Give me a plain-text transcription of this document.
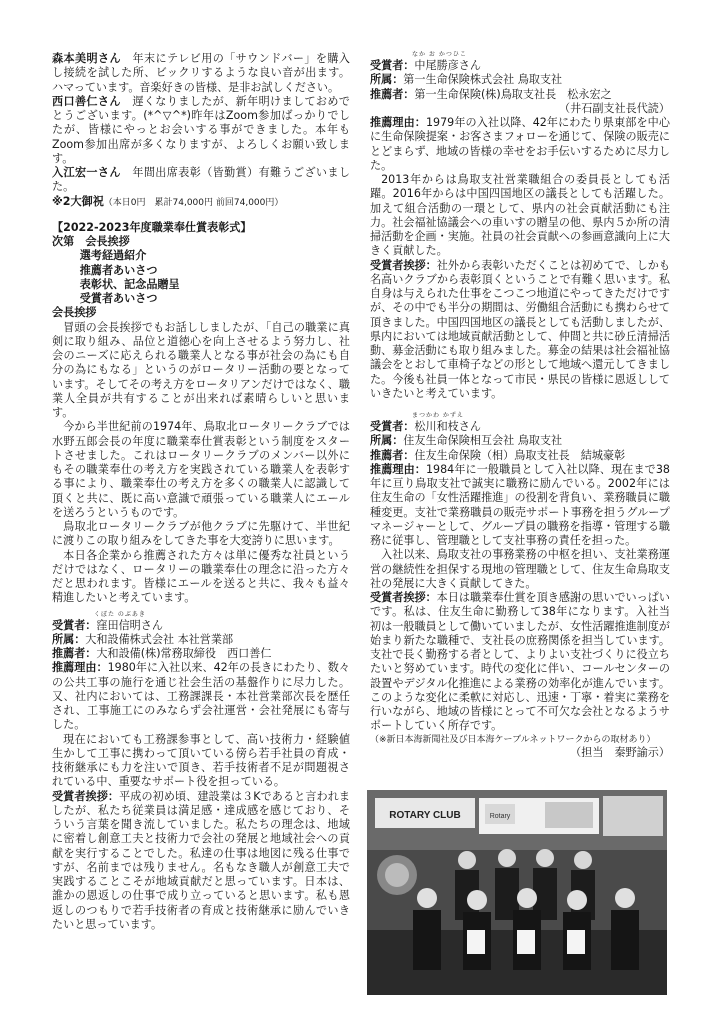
森本美明さん　 年末にテレビ用の「サウンドバー」を購入し接続を試した所、ビックリするような良い音が出ます。ハマっています。音楽好きの皆様、是非お試しください。

西口善仁さん　 遅くなりましたが、新年明けましておめでとうございます。(*^▽^*)昨年はZoom参加ばっかりでしたが、皆様にやっとお会いする事ができました。本年もZoom参加出席が多くなりますが、よろしくお願い致します。

入江宏一さん　 年間出席表彰（皆勤賞）有難うございました。

※2大御祝（本日0円　累計74,000円 前回74,000円）

【2022-2023年度職業奉仕賞表彰式】

次第　 会長挨拶

選考経過紹介

推薦者あいさつ

表彰状、記念品贈呈

受賞者あいさつ

会長挨拶

冒頭の会長挨拶でもお話ししましたが、「自己の職業に真剣に取り組み、品位と道徳心を向上させるよう努力し、社会のニーズに応えられる職業人となる事が社会の為にも自分の為にもなる」というのがロータリー活動の要となっています。そしてその考え方をロータリアンだけではなく、職業人全員が共有することが出来れば素晴らしいと思います。

今から半世紀前の1974年、鳥取北ロータリークラブでは水野五郎会長の年度に職業奉仕賞表彰という制度をスタートさせました。これはロータリークラブのメンバー以外にもその職業奉仕の考え方を実践されている職業人を表彰する事により、職業奉仕の考え方を多くの職業人に認識して頂くと共に、既に高い意識で頑張っている職業人にエールを送ろうというものです。

鳥取北ロータリークラブが他クラブに先駆けて、半世紀に渡りこの取り組みをしてきた事を大変誇りに思います。

本日各企業から推薦された方々は単に優秀な社員というだけではなく、ロータリーの職業奉仕の理念に沿った方々だと思われます。皆様にエールを送ると共に、我々も益々精進したいと考えています。

受賞者：
くぼた のぶあき
窪田信明さん

所属：大和設備株式会社 本社営業部

推薦者：大和設備(株)常務取締役　西口善仁

推薦理由：1980年に入社以来、42年の長きにわたり、数々の公共工事の施行を通じ社会生活の基盤作りに尽力した。又、社内においては、工務課課長・本社営業部次長を歴任され、工事施工にのみならず会社運営・会社発展にも寄与した。

現在においても工務課参事として、高い技術力・経験値生かして工事に携わって頂いている傍ら若手社員の育成・技術継承にも力を注いで頂き、若手技術者不足が問題視されている中、重要なサポート役を担っている。

受賞者挨拶：平成の初め頃、建設業は３Kであると言われましたが、私たち従業員は満足感・達成感を感じており、そういう言葉を聞き流していました。私たちの理念は、地域に密着し創意工夫と技術力で会社の発展と地域社会への貢献を実行することでした。私達の仕事は地図に残る仕事ですが、名前までは残りません。名もなき職人が創意工夫で実践することこそが地域貢献だと思っています。日本は、誰かの恩返しの仕事で成り立っていると思います。私も恩返しのつもりで若手技術者の育成と技術継承に励んでいきたいと思っています。

受賞者：
なか お かつひこ
中尾勝彦さん

所属：第一生命保険株式会社 鳥取支社

推薦者：第一生命保険(株)鳥取支社長　松永宏之

（井石副支社長代読）

推薦理由：1979年の入社以降、42年にわたり県東部を中心に生命保険提案・お客さまフォローを通じて、保険の販売にとどまらず、地域の皆様の幸せをお手伝いするために尽力した。

2013年からは鳥取支社営業職組合の委員長としても活躍。2016年からは中国四国地区の議長としても活躍した。加えて組合活動の一環として、県内の社会貢献活動にも注力。社会福祉協議会への車いすの贈呈の他、県内５か所の清掃活動を企画・実施。社員の社会貢献への参画意識向上に大きく貢献した。

受賞者挨拶：社外から表彰いただくことは初めてで、しかも名高いクラブから表彰頂くということで有難く思います。私自身は与えられた仕事をこつこつ地道にやってきただけですが、その中でも半分の期間は、労働組合活動にも携わらせて頂きました。中国四国地区の議長としても活動しましたが、県内においては地域貢献活動として、仲間と共に砂丘清掃活動、募金活動にも取り組みました。募金の結果は社会福祉協議会をとおして車椅子などの形として地域へ還元してきました。今後も社員一体となって市民・県民の皆様に恩返ししていきたいと考えています。

受賞者：
まつかわ かずえ
松川和枝さん

所属：住友生命保険相互会社 鳥取支社

推薦者：住友生命保険（相）鳥取支社長　結城豪彰

推薦理由：1984年に一般職員として入社以降、現在まで38年に亘り鳥取支社で誠実に職務に励んでいる。2002年には住友生命の「女性活躍推進」の役割を背負い、業務職員に職種変更。支社で業務職員の販売サポート事務を担うグループマネージャーとして、グループ員の職務を指導・管理する職務に従事し、管理職として支社事務の責任を担った。

入社以来、鳥取支社の事務業務の中枢を担い、支社業務運営の継続性を担保する現地の管理職として、住友生命鳥取支社の発展に大きく貢献してきた。

受賞者挨拶：本日は職業奉仕賞を頂き感謝の思いでいっぱいです。私は、住友生命に勤務して38年になります。入社当初は一般職員として働いていましたが、女性活躍推進制度が始まり新たな職種で、支社長の庶務関係を担当しています。支社で長く勤務する者として、よりよい支社づくりに役立ちたいと努めています。時代の変化に伴い、コールセンターの設置やデジタル化推進による業務の効率化が進んでいます。このような変化に柔軟に対応し、迅速・丁寧・着実に業務を行いながら、地域の皆様にとって不可欠な会社となるようサポートしていく所存です。

（※新日本海新聞社及び日本海ケーブルネットワークからの取材あり）

（担当　秦野諭示）

ROTARY CLUB	Rotary
